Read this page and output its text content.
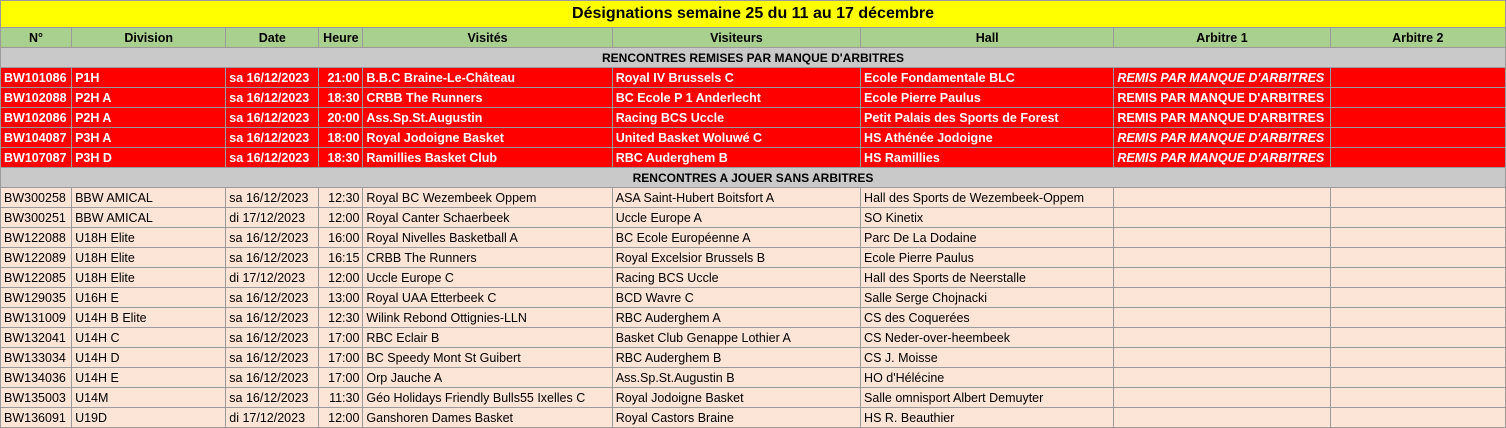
Désignations semaine 25 du 11 au 17 décembre								
N°	Division	Date	Heure	Visités	Visiteurs	Hall	Arbitre 1	Arbitre 2
RENCONTRES REMISES PAR MANQUE D'ARBITRES								
BW101086	P1H	sa 16/12/2023	21:00	B.B.C Braine-Le-Château	Royal IV Brussels C	Ecole Fondamentale BLC	REMIS PAR MANQUE D'ARBITRES	
BW102088	P2H A	sa 16/12/2023	18:30	CRBB The Runners	BC Ecole P 1 Anderlecht	Ecole Pierre Paulus	REMIS PAR MANQUE D'ARBITRES	
BW102086	P2H A	sa 16/12/2023	20:00	Ass.Sp.St.Augustin	Racing BCS Uccle	Petit Palais des Sports de Forest	REMIS PAR MANQUE D'ARBITRES	
BW104087	P3H A	sa 16/12/2023	18:00	Royal Jodoigne Basket	United Basket Woluwé C	HS Athénée Jodoigne	REMIS PAR MANQUE D'ARBITRES	
BW107087	P3H D	sa 16/12/2023	18:30	Ramillies Basket Club	RBC Auderghem B	HS Ramillies	REMIS PAR MANQUE D'ARBITRES	
RENCONTRES A JOUER SANS ARBITRES								
BW300258	BBW AMICAL	sa 16/12/2023	12:30	Royal BC Wezembeek Oppem	ASA Saint-Hubert Boitsfort A	Hall des Sports de Wezembeek-Oppem		
BW300251	BBW AMICAL	di 17/12/2023	12:00	Royal Canter Schaerbeek	Uccle Europe A	SO Kinetix		
BW122088	U18H Elite	sa 16/12/2023	16:00	Royal Nivelles Basketball A	BC Ecole Européenne A	Parc De La Dodaine		
BW122089	U18H Elite	sa 16/12/2023	16:15	CRBB The Runners	Royal Excelsior Brussels B	Ecole Pierre Paulus		
BW122085	U18H Elite	di 17/12/2023	12:00	Uccle Europe C	Racing BCS Uccle	Hall des Sports de Neerstalle		
BW129035	U16H E	sa 16/12/2023	13:00	Royal UAA Etterbeek C	BCD Wavre C	Salle Serge Chojnacki		
BW131009	U14H B Elite	sa 16/12/2023	12:30	Wilink Rebond Ottignies-LLN	RBC Auderghem A	CS des Coquerées		
BW132041	U14H C	sa 16/12/2023	17:00	RBC Eclair B	Basket Club Genappe Lothier A	CS Neder-over-heembeek		
BW133034	U14H D	sa 16/12/2023	17:00	BC Speedy Mont St Guibert	RBC Auderghem B	CS J. Moisse		
BW134036	U14H E	sa 16/12/2023	17:00	Orp Jauche A	Ass.Sp.St.Augustin B	HO d'Hélécine		
BW135003	U14M	sa 16/12/2023	11:30	Géo Holidays Friendly Bulls55 Ixelles C	Royal Jodoigne Basket	Salle omnisport Albert Demuyter		
BW136091	U19D	di 17/12/2023	12:00	Ganshoren Dames Basket	Royal Castors Braine	HS R. Beauthier		
